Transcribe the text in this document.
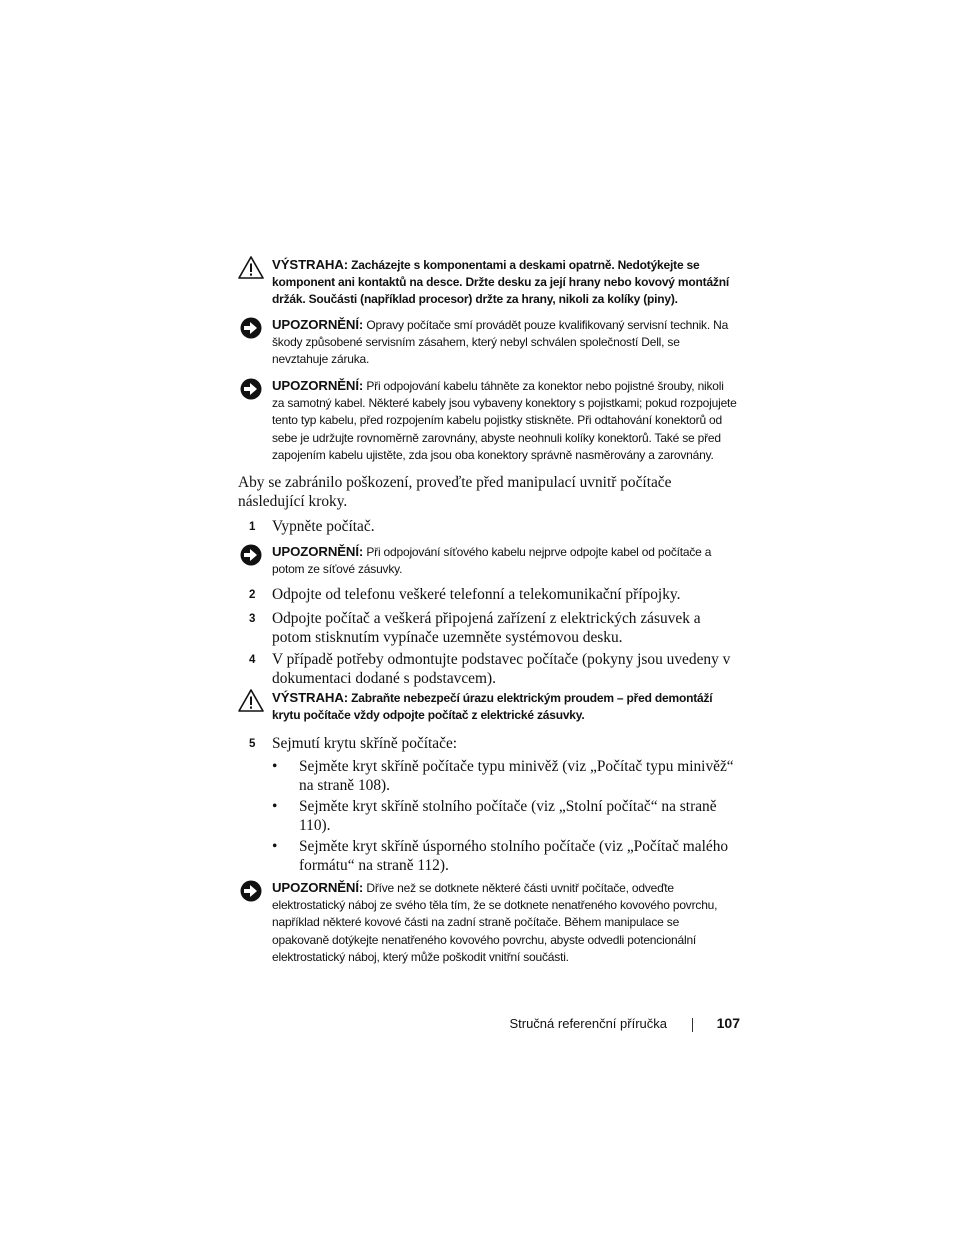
VÝSTRAHA: Zacházejte s komponentami a deskami opatrně. Nedotýkejte se komponent ani kontaktů na desce. Držte desku za její hrany nebo kovový montážní držák. Součásti (například procesor) držte za hrany, nikoli za kolíky (piny).
UPOZORNĚNÍ: Opravy počítače smí provádět pouze kvalifikovaný servisní technik. Na škody způsobené servisním zásahem, který nebyl schválen společností Dell, se nevztahuje záruka.
UPOZORNĚNÍ: Při odpojování kabelu táhněte za konektor nebo pojistné šrouby, nikoli za samotný kabel. Některé kabely jsou vybaveny konektory s pojistkami; pokud rozpojujete tento typ kabelu, před rozpojením kabelu pojistky stiskněte. Při odtahování konektorů od sebe je udržujte rovnoměrně zarovnány, abyste neohnuli kolíky konektorů. Také se před zapojením kabelu ujistěte, zda jsou oba konektory správně nasměrovány a zarovnány.
Aby se zabránilo poškození, proveďte před manipulací uvnitř počítače následující kroky.
1 Vypněte počítač.
UPOZORNĚNÍ: Při odpojování síťového kabelu nejprve odpojte kabel od počítače a potom ze síťové zásuvky.
2 Odpojte od telefonu veškeré telefonní a telekomunikační přípojky.
3 Odpojte počítač a veškerá připojená zařízení z elektrických zásuvek a potom stisknutím vypínače uzemněte systémovou desku.
4 V případě potřeby odmontujte podstavec počítače (pokyny jsou uvedeny v dokumentaci dodané s podstavcem).
VÝSTRAHA: Zabraňte nebezpečí úrazu elektrickým proudem – před demontáží krytu počítače vždy odpojte počítač z elektrické zásuvky.
5 Sejmutí krytu skříně počítače:
• Sejměte kryt skříně počítače typu minivěž (viz „Počítač typu minivěž“ na straně 108).
• Sejměte kryt skříně stolního počítače (viz „Stolní počítač“ na straně 110).
• Sejměte kryt skříně úsporného stolního počítače (viz „Počítač malého formátu“ na straně 112).
UPOZORNĚNÍ: Dříve než se dotknete některé části uvnitř počítače, odveďte elektrostatický náboj ze svého těla tím, že se dotknete nenatřeného kovového povrchu, například některé kovové části na zadní straně počítače. Během manipulace se opakovaně dotýkejte nenatřeného kovového povrchu, abyste odvedli potencionální elektrostatický náboj, který může poškodit vnitřní součásti.
Stručná referenční příručka	107
